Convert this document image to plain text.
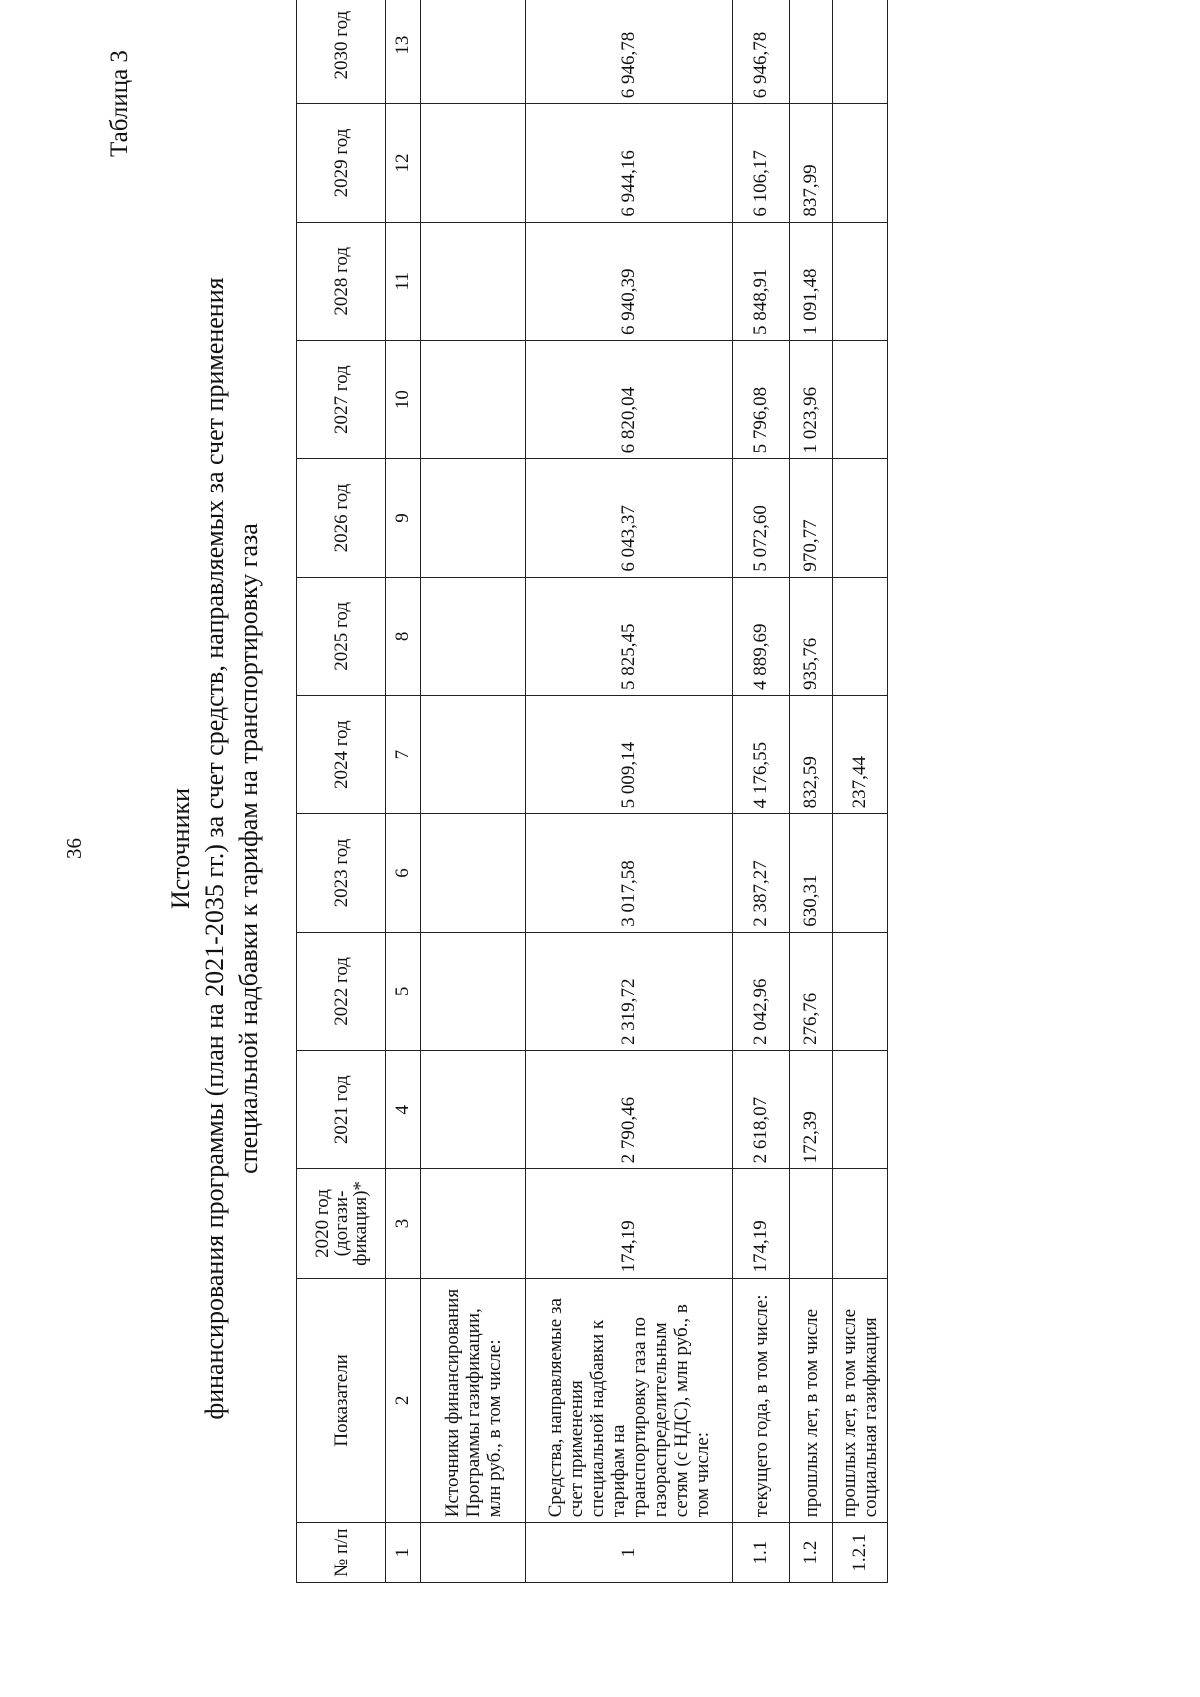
36
Таблица 3
Источники финансирования программы (план на 2021-2035 гг.) за счет средств, направляемых за счет применения специальной надбавки к тарифам на транспортировку газа
№ п/п	Показатели	2020 год (догази-фикация)*	2021 год	2022 год	2023 год	2024 год	2025 год	2026 год	2027 год	2028 год	2029 год	2030 год
1	2	3	4	5	6	7	8	9	10	11	12	13
	Источники финансирования Программы газификации, млн руб., в том числе:											
1	Средства, направляемые за счет применения специальной надбавки к тарифам на транспортировку газа по газораспределительным сетям (с НДС), млн руб., в том числе:	174,19	2 790,46	2 319,72	3 017,58	5 009,14	5 825,45	6 043,37	6 820,04	6 940,39	6 944,16	6 946,78
1.1	текущего года, в том числе:	174,19	2 618,07	2 042,96	2 387,27	4 176,55	4 889,69	5 072,60	5 796,08	5 848,91	6 106,17	6 946,78
1.2	прошлых лет, в том числе		172,39	276,76	630,31	832,59	935,76	970,77	1 023,96	1 091,48	837,99	
1.2.1	прошлых лет, в том числе социальная газификация					237,44						
